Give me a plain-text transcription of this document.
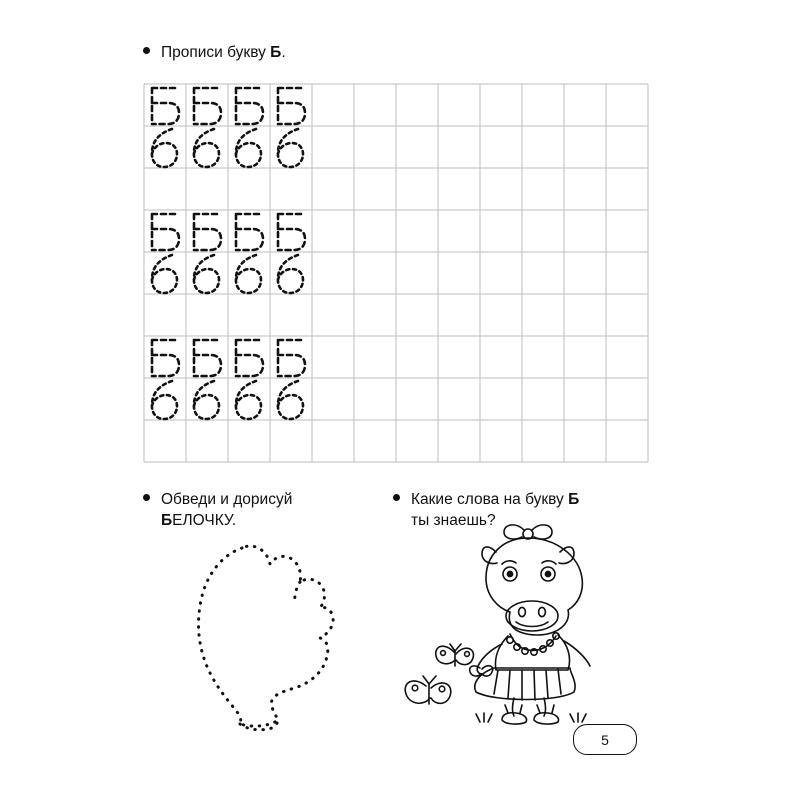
Прописи букву Б .
Обведи и дорисуй
БЕЛОЧКУ.
Какие слова на букву Б
ты знаешь?
5
